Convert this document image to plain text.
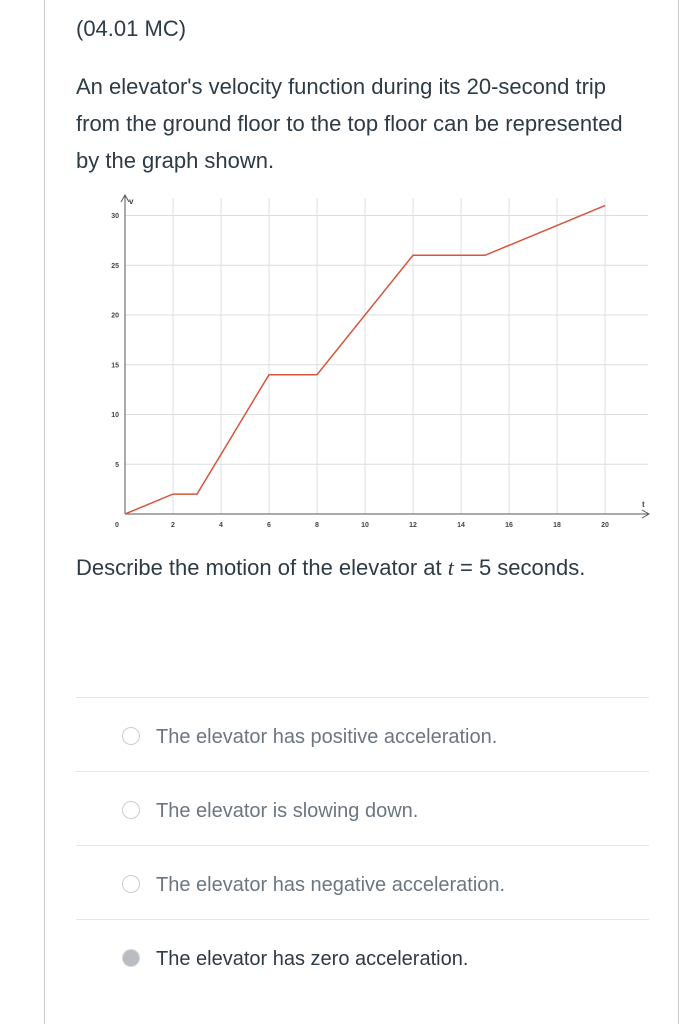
(04.01 MC)
An elevator's velocity function during its 20-second trip from the ground floor to the top floor can be represented by the graph shown.
0	2	4	6	8	10	12	14	16	18	20
5
10
15
20
25
30
t
v
Describe the motion of the elevator at t = 5 seconds.
The elevator has positive acceleration.
The elevator is slowing down.
The elevator has negative acceleration.
The elevator has zero acceleration.
